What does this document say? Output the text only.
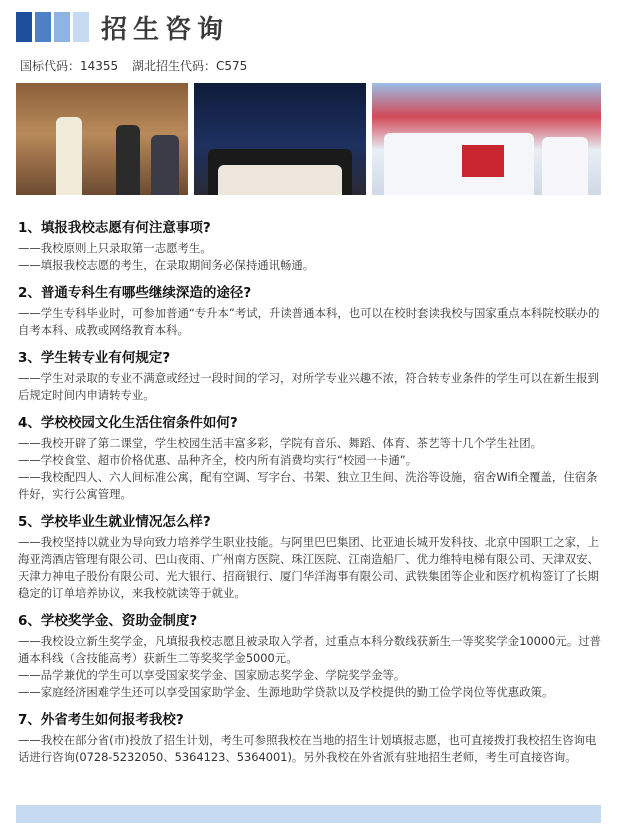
招生咨询
国标代码：14355 湖北招生代码：C575
1、填报我校志愿有何注意事项?

——我校原则上只录取第一志愿考生。

——填报我校志愿的考生，在录取期间务必保持通讯畅通。

2、普通专科生有哪些继续深造的途径?

——学生专科毕业时，可参加普通“专升本”考试，升读普通本科，也可以在校时套读我校与国家重点本科院校联办的自考本科、成教或网络教育本科。

3、学生转专业有何规定?

——学生对录取的专业不满意或经过一段时间的学习，对所学专业兴趣不浓，符合转专业条件的学生可以在新生报到后规定时间内申请转专业。

4、学校校园文化生活住宿条件如何?

——我校开辟了第二课堂，学生校园生活丰富多彩，学院有音乐、舞蹈、体育、茶艺等十几个学生社团。

——学校食堂、超市价格优惠、品种齐全，校内所有消费均实行“校园一卡通”。

——我校配四人、六人间标准公寓，配有空调、写字台、书架、独立卫生间、洗浴等设施，宿舍Wifi全覆盖，住宿条件好，实行公寓管理。

5、学校毕业生就业情况怎么样?

——我校坚持以就业为导向致力培养学生职业技能。与阿里巴巴集团、比亚迪长城开发科技、北京中国职工之家，上海亚湾酒店管理有限公司、巴山夜雨、广州南方医院、珠江医院、江南造船厂、优力维特电梯有限公司、天津双安、天津力神电子股份有限公司、光大银行、招商银行、厦门华洋海事有限公司、武铁集团等企业和医疗机构签订了长期稳定的订单培养协议，来我校就读等于就业。

6、学校奖学金、资助金制度?

——我校设立新生奖学金，凡填报我校志愿且被录取入学者，过重点本科分数线获新生一等奖奖学金10000元。过普通本科线（含技能高考）获新生二等奖奖学金5000元。

——品学兼优的学生可以享受国家奖学金、国家励志奖学金、学院奖学金等。

——家庭经济困难学生还可以享受国家助学金、生源地助学贷款以及学校提供的勤工俭学岗位等优惠政策。

7、外省考生如何报考我校?

——我校在部分省(市)投放了招生计划，考生可参照我校在当地的招生计划填报志愿，也可直接拨打我校招生咨询电话进行咨询(0728-5232050、5364123、5364001)。另外我校在外省派有驻地招生老师，考生可直接咨询。
